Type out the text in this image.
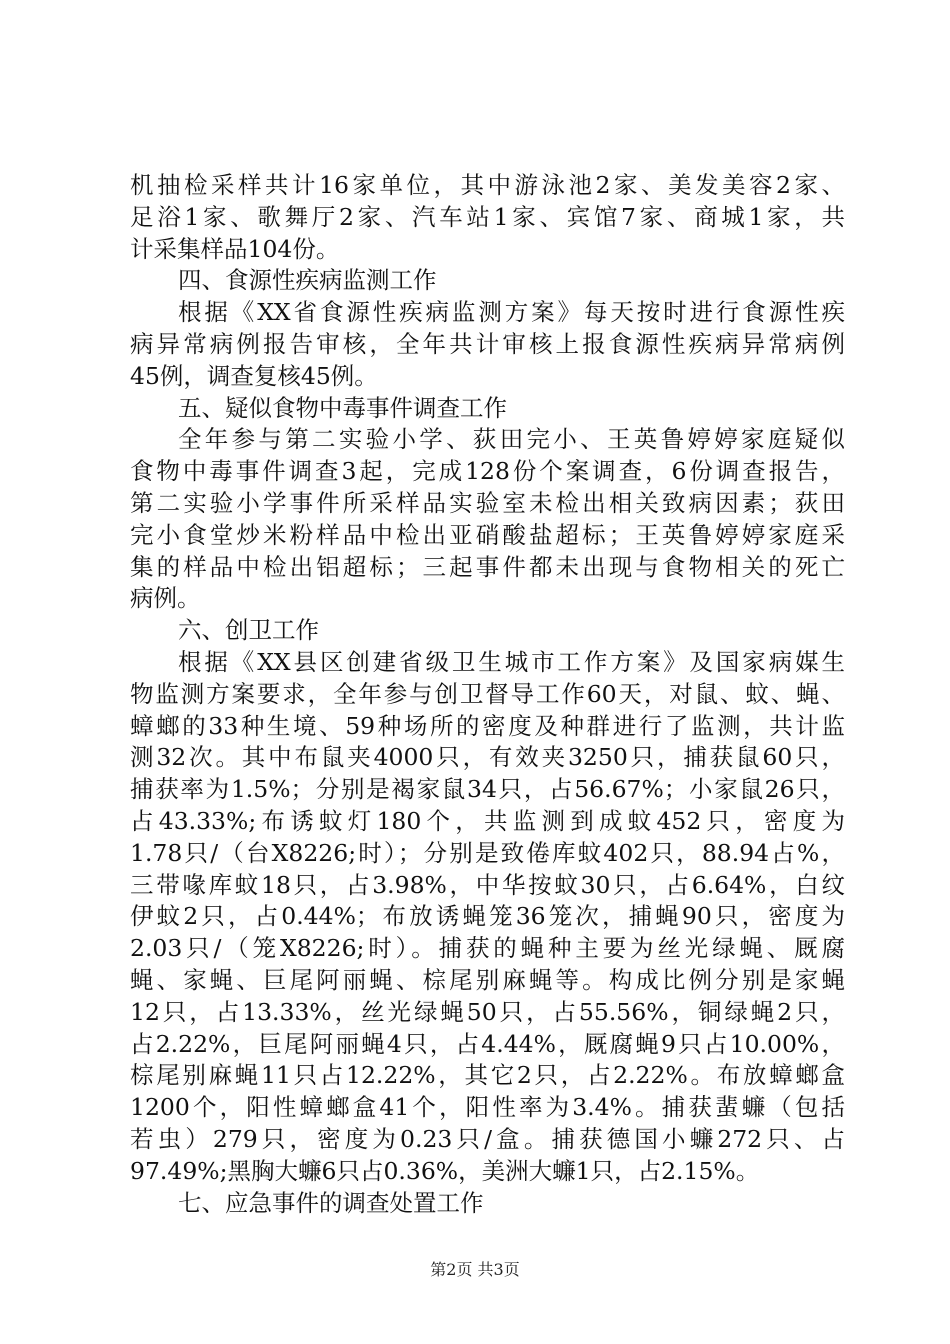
机抽检采样共计16家单位，其中游泳池2家、美发美容2家、
足浴1家、歌舞厅2家、汽车站1家、宾馆7家、商城1家，共
计采集样品104份。
四、食源性疾病监测工作
根据《XX省食源性疾病监测方案》每天按时进行食源性疾
病异常病例报告审核，全年共计审核上报食源性疾病异常病例
45例，调查复核45例。
五、疑似食物中毒事件调查工作
全年参与第二实验小学、荻田完小、王英鲁婷婷家庭疑似
食物中毒事件调查3起，完成128份个案调查，6份调查报告，
第二实验小学事件所采样品实验室未检出相关致病因素；荻田
完小食堂炒米粉样品中检出亚硝酸盐超标；王英鲁婷婷家庭采
集的样品中检出铝超标；三起事件都未出现与食物相关的死亡
病例。
六、创卫工作
根据《XX县区创建省级卫生城市工作方案》及国家病媒生
物监测方案要求，全年参与创卫督导工作60天，对鼠、蚊、蝇、
蟑螂的33种生境、59种场所的密度及种群进行了监测，共计监
测32次。其中布鼠夹4000只，有效夹3250只，捕获鼠60只，
捕获率为1.5%；分别是褐家鼠34只，占56.67%；小家鼠26只，
占43.33%;布诱蚊灯180个，共监测到成蚊452只，密度为
1.78只/（台X8226;时）；分别是致倦库蚊402只，88.94占%，
三带喙库蚊18只，占3.98%，中华按蚊30只，占6.64%，白纹
伊蚊2只，占0.44%；布放诱蝇笼36笼次，捕蝇90只，密度为
2.03只/（笼X8226;时）。捕获的蝇种主要为丝光绿蝇、厩腐
蝇、家蝇、巨尾阿丽蝇、棕尾别麻蝇等。构成比例分别是家蝇
12只，占13.33%，丝光绿蝇50只，占55.56%，铜绿蝇2只，
占2.22%，巨尾阿丽蝇4只，占4.44%，厩腐蝇9只占10.00%，
棕尾别麻蝇11只占12.22%，其它2只，占2.22%。布放蟑螂盒
1200个，阳性蟑螂盒41个，阳性率为3.4%。捕获蜚蠊（包括
若虫）279只，密度为0.23只/盒。捕获德国小蠊272只、占
97.49%;黑胸大蠊6只占0.36%，美洲大蠊1只，占2.15%。
七、应急事件的调查处置工作
第2页 共3页
